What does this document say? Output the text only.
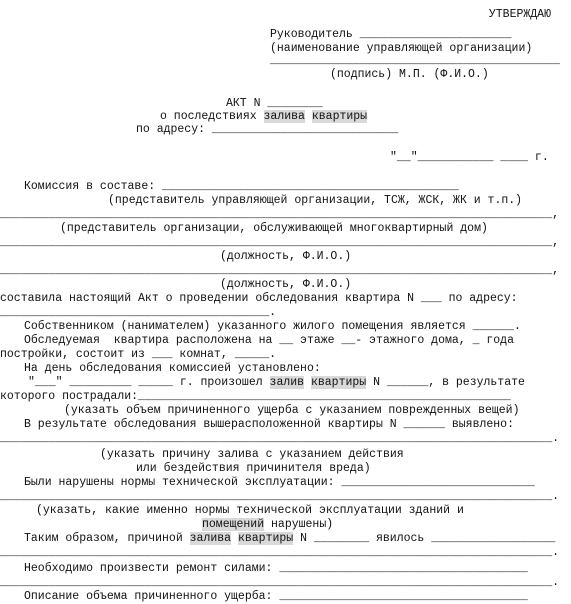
УТВЕРЖДАЮ
Руководитель ______________________
(наименование управляющей организации)
__________________________________________
(подпись) М.П. (Ф.И.О.)
АКТ N ________
о последствиях залива квартиры
по адресу: ___________________________
"__"___________ ____ г.
Комиссия в составе: ___________________________________________
(представитель управляющей организации, ТСЖ, ЖСК, ЖК и т.п.)
________________________________________________________________________________,
(представитель организации, обслуживающей многоквартирный дом)
________________________________________________________________________________,
(должность, Ф.И.О.)
________________________________________________________________________________,
(должность, Ф.И.О.)
составила настоящий Акт о проведении обследования квартира N ___ по адресу:
_______________________________________.
Собственником (нанимателем) указанного жилого помещения является ______.
Обследуемая  квартира расположена на __ этаже __- этажного дома, _ года
постройки, состоит из ___ комнат, _____.
На день обследования комиссией установлено:
"___" _________ _____ г. произошел залив квартиры N ______, в результате
которого пострадали:______________________________________________________
(указать объем причиненного ущерба с указанием поврежденных вещей)
В результате обследования вышерасположенной квартиры N ______ выявлено:
________________________________________________________________________________.
(указать причину залива с указанием действия
или бездействия причинителя вреда)
Были нарушены нормы технической эксплуатации: ____________________________
________________________________________________________________________________.
(указать, какие именно нормы технической эксплуатации зданий и
помещений нарушены)
Таким образом, причиной залива квартиры N ________ явилось __________________
________________________________________________________________________________.
Необходимо произвести ремонт силами: ____________________________________
________________________________________________________________________________.
Описание объема причиненного ущерба: ____________________________________
